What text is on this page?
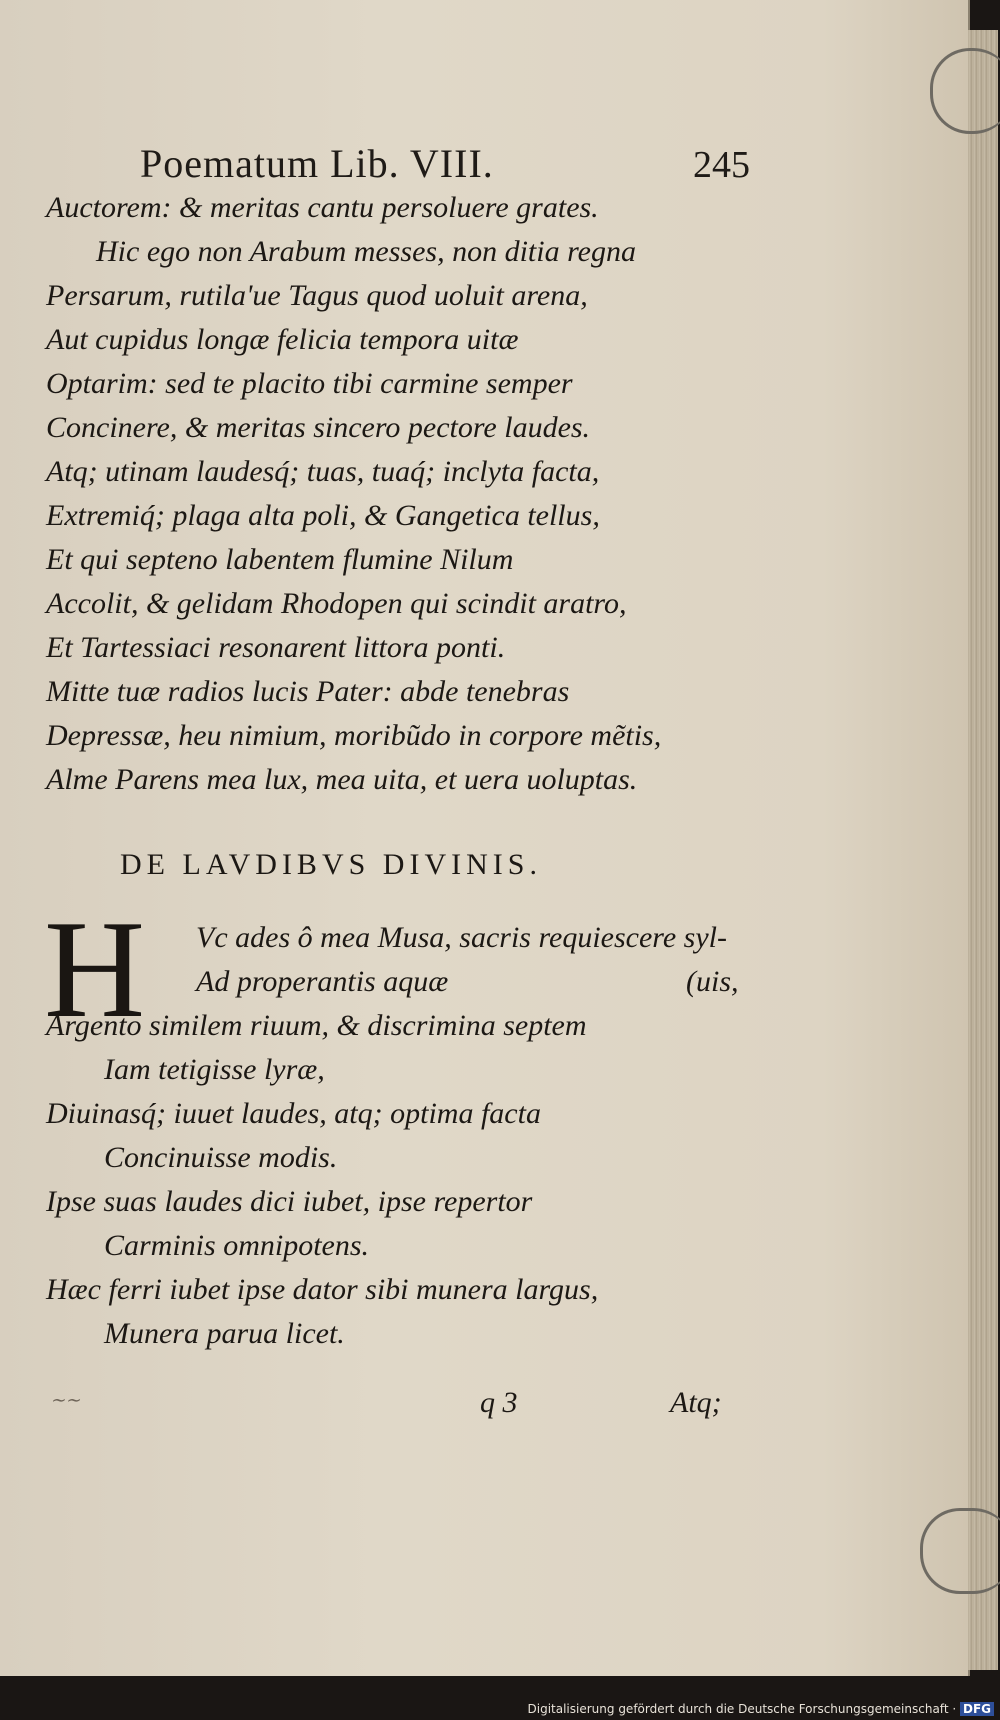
Poematum Lib. VIII.	245
Auctorem: & meritas cantu persoluere grates.
Hic ego non Arabum messes, non ditia regna
Persarum, rutila'ue Tagus quod uoluit arena,
Aut cupidus longæ felicia tempora uitæ
Optarim: sed te placito tibi carmine semper
Concinere, & meritas sincero pectore laudes.
Atq; utinam laudesq́; tuas, tuaq́; inclyta facta,
Extremiq́; plaga alta poli, & Gangetica tellus,
Et qui septeno labentem flumine Nilum
Accolit, & gelidam Rhodopen qui scindit aratro,
Et Tartessiaci resonarent littora ponti.
Mitte tuæ radios lucis Pater: abde tenebras
Depressæ, heu nimium, moribũdo in corpore mẽtis,
Alme Parens mea lux, mea uita, et uera uoluptas.
DE LAVDIBVS DIVINIS.
H	Vc ades ô mea Musa, sacris requiescere syl-
Ad properantis aquæ	(uis,
Argento similem riuum, & discrimina septem
Iam tetigisse lyræ,
Diuinasq́; iuuet laudes, atq; optima facta
Concinuisse modis.
Ipse suas laudes dici iubet, ipse repertor
Carminis omnipotens.
Hæc ferri iubet ipse dator sibi munera largus,
Munera parua licet.
∼∼	q 3	Atq;
Digitalisierung gefördert durch die Deutsche Forschungsgemeinschaft · DFG
